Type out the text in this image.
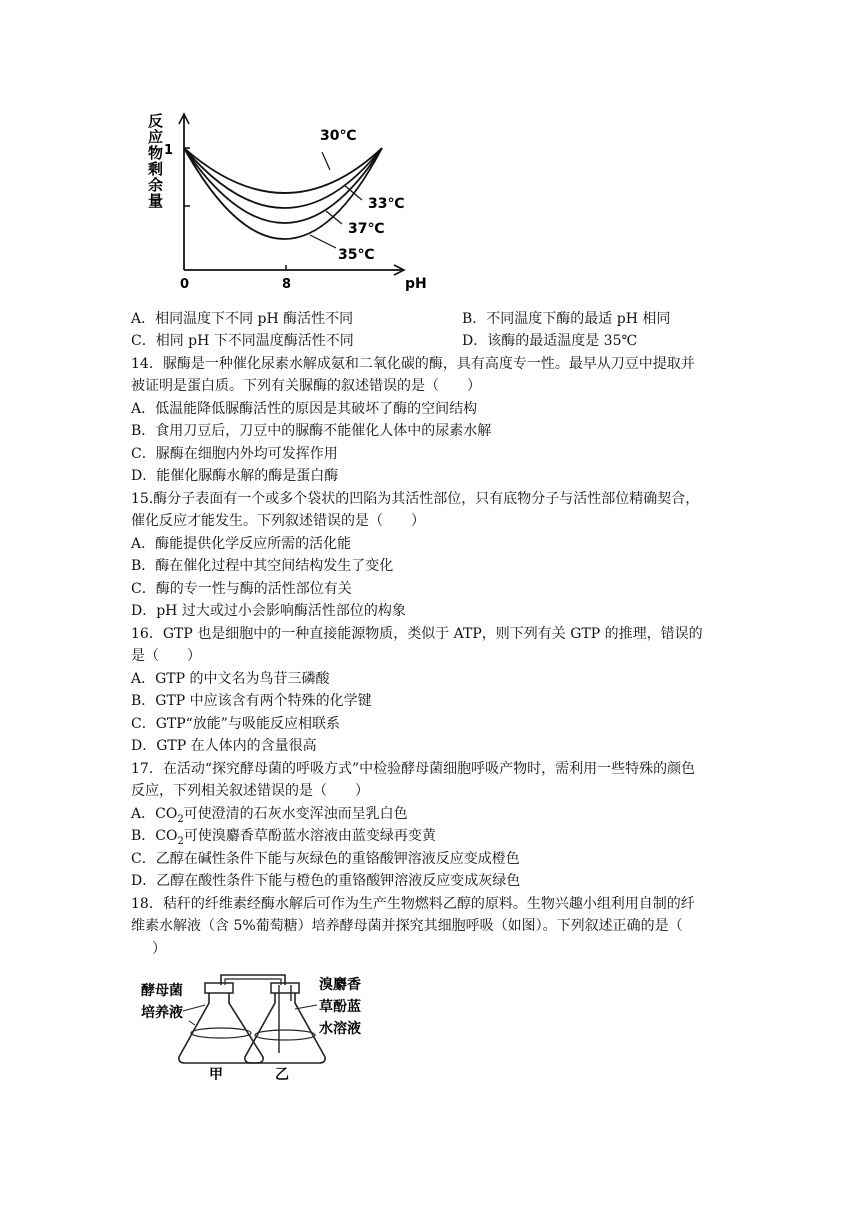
反
应
物
剩
余
量
1
0	8	pH
30℃
33℃
37℃
35℃
A．相同温度下不同 pH 酶活性不同	B．不同温度下酶的最适 pH 相同
C．相同 pH 下不同温度酶活性不同	D．该酶的最适温度是 35℃
14．脲酶是一种催化尿素水解成氨和二氧化碳的酶，具有高度专一性。最早从刀豆中提取并
被证明是蛋白质。下列有关脲酶的叙述错误的是（　　）
A．低温能降低脲酶活性的原因是其破坏了酶的空间结构
B．食用刀豆后，刀豆中的脲酶不能催化人体中的尿素水解
C．脲酶在细胞内外均可发挥作用
D．能催化脲酶水解的酶是蛋白酶
15.酶分子表面有一个或多个袋状的凹陷为其活性部位，只有底物分子与活性部位精确契合，
催化反应才能发生。下列叙述错误的是（　　）
A．酶能提供化学反应所需的活化能
B．酶在催化过程中其空间结构发生了变化
C．酶的专一性与酶的活性部位有关
D．pH 过大或过小会影响酶活性部位的构象
16．GTP 也是细胞中的一种直接能源物质，类似于 ATP，则下列有关 GTP 的推理，错误的
是（　　）
A．GTP 的中文名为鸟苷三磷酸
B．GTP 中应该含有两个特殊的化学键
C．GTP“放能”与吸能反应相联系
D．GTP 在人体内的含量很高
17．在活动“探究酵母菌的呼吸方式”中检验酵母菌细胞呼吸产物时，需利用一些特殊的颜色
反应，下列相关叙述错误的是（　　）
A．$CO_2$可使澄清的石灰水变浑浊而呈乳白色
B．$CO_2$可使溴麝香草酚蓝水溶液由蓝变绿再变黄
C．乙醇在碱性条件下能与灰绿色的重铬酸钾溶液反应变成橙色
D．乙醇在酸性条件下能与橙色的重铬酸钾溶液反应变成灰绿色
18．秸秆的纤维素经酶水解后可作为生产生物燃料乙醇的原料。生物兴趣小组利用自制的纤
维素水解液（含 5%葡萄糖）培养酵母菌并探究其细胞呼吸（如图）。下列叙述正确的是（
）
酵母菌
培养液
溴麝香
草酚蓝
水溶液
甲	乙
